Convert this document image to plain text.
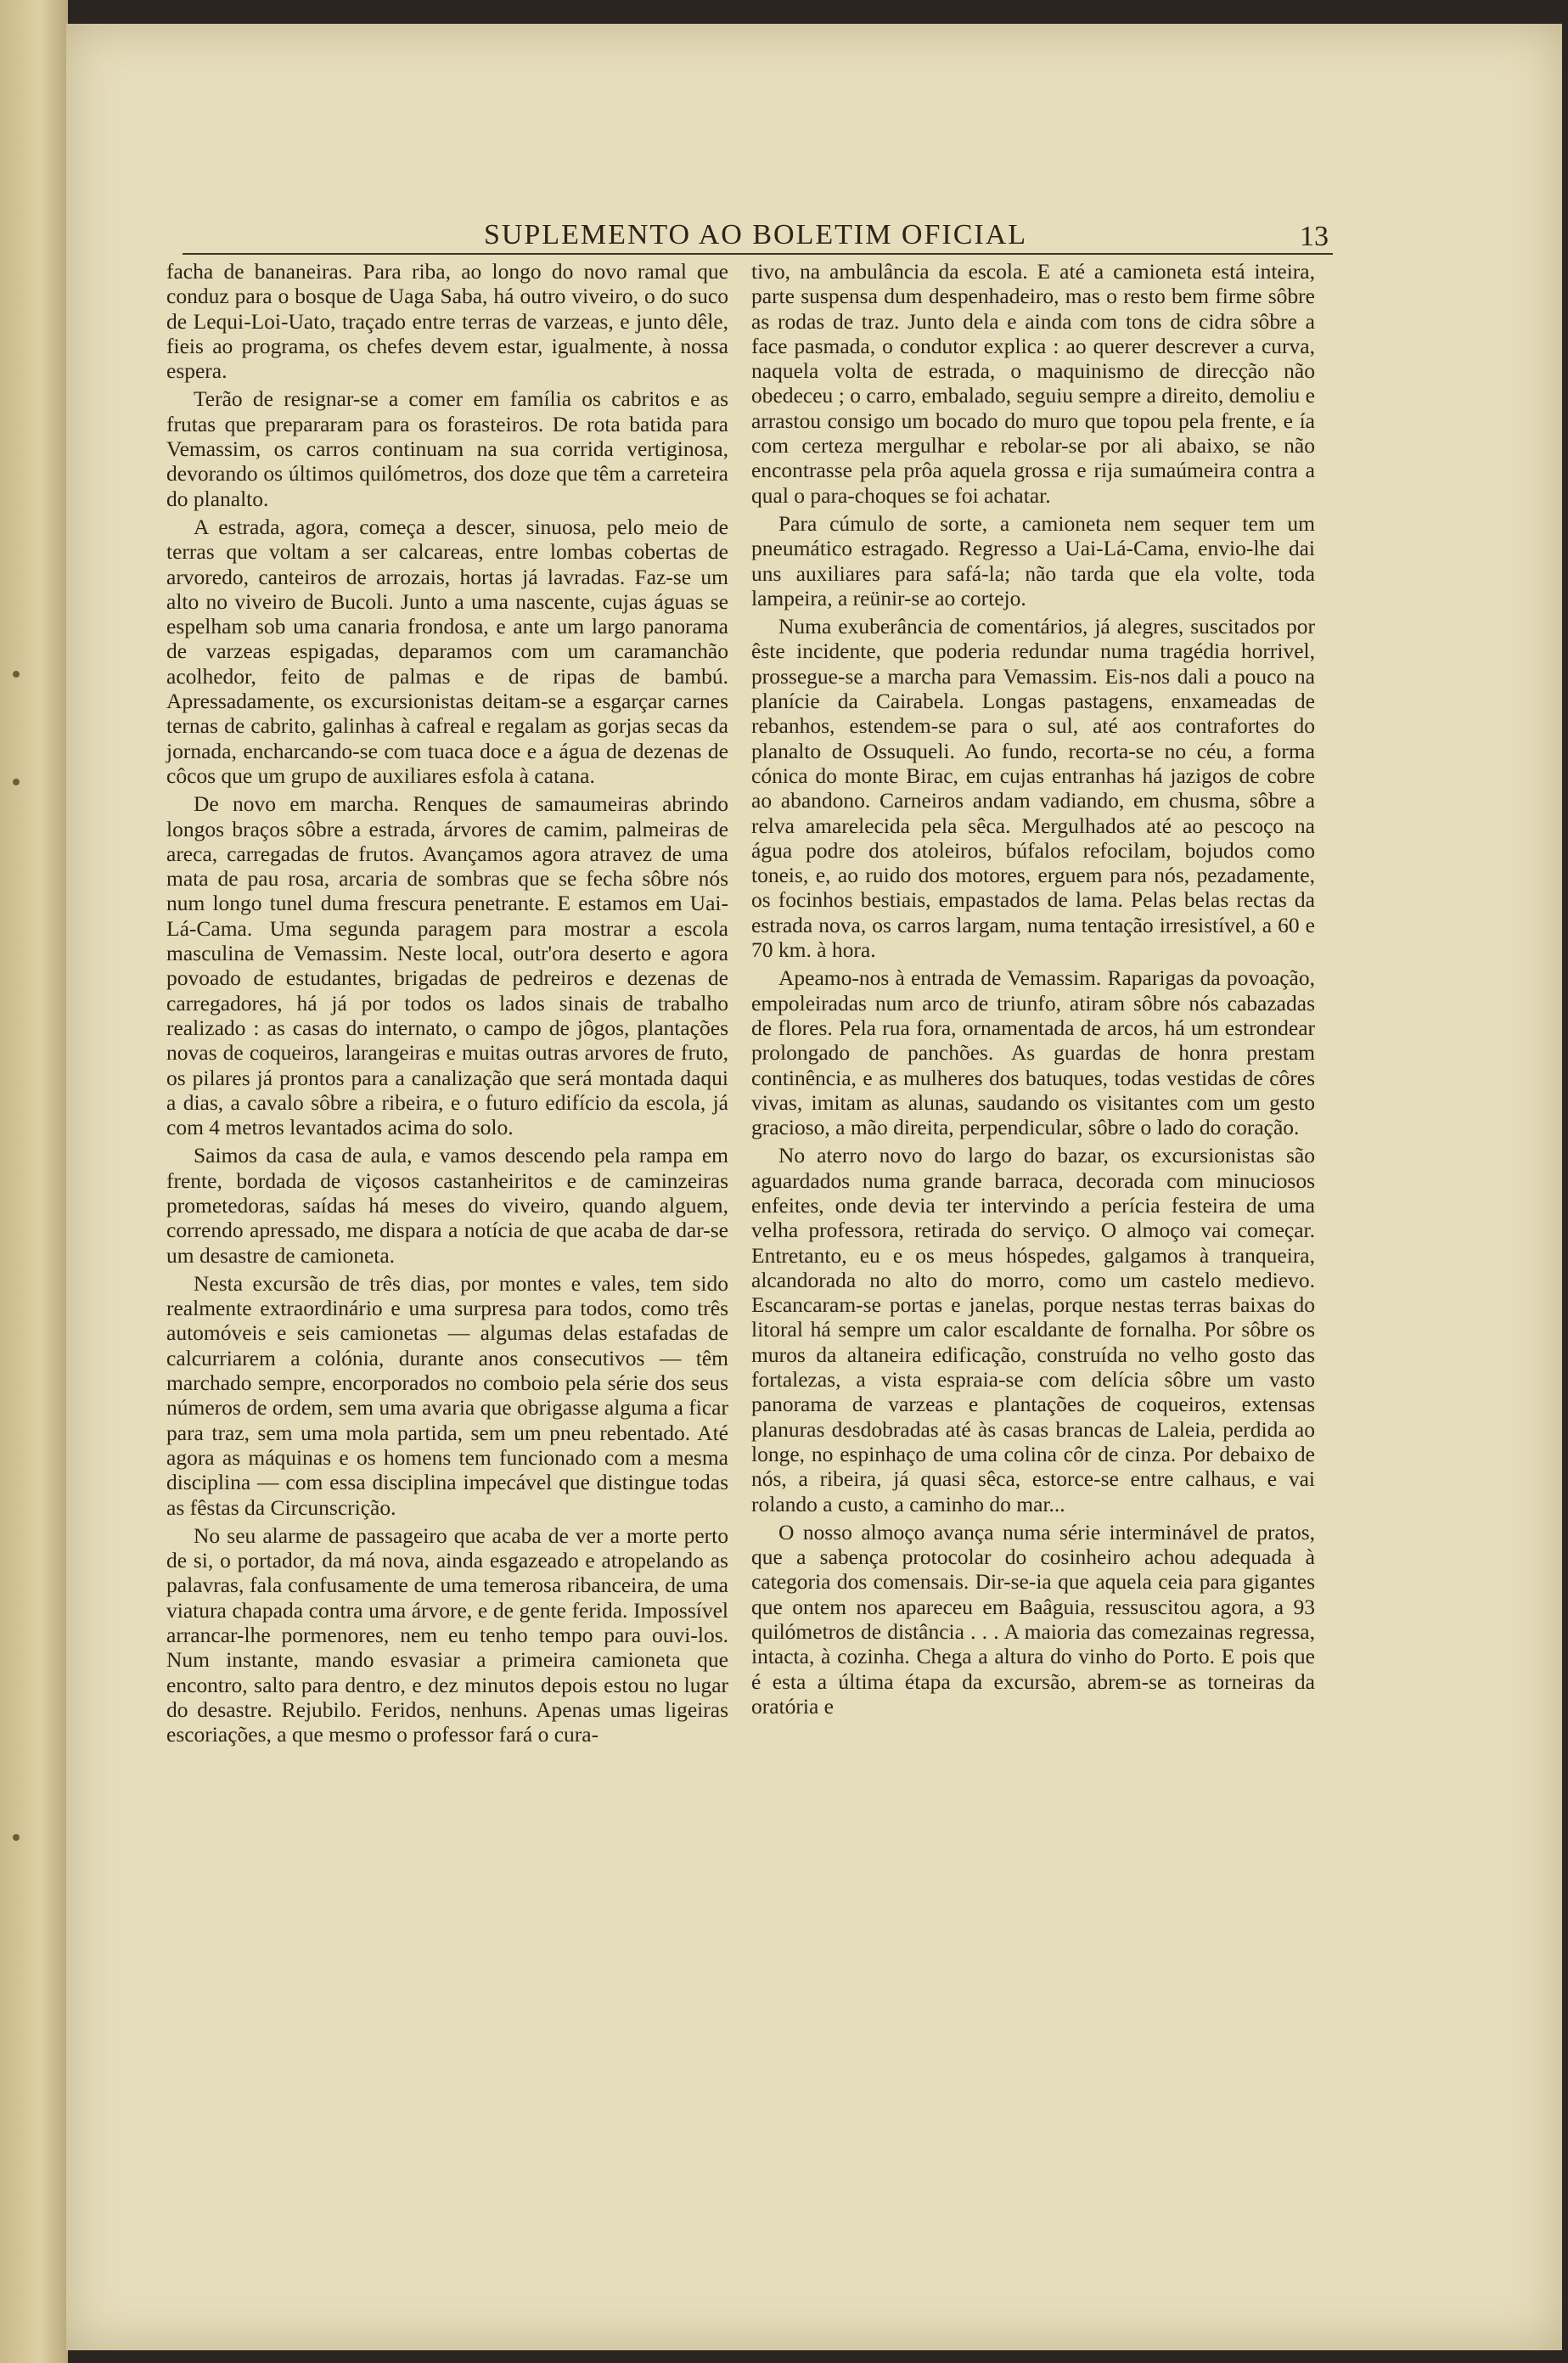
SUPLEMENTO AO BOLETIM OFICIAL	13

facha de bananeiras. Para riba, ao longo do novo ramal que conduz para o bosque de Uaga Saba, há outro viveiro, o do suco de Lequi-Loi-Uato, traçado entre terras de varzeas, e junto dêle, fieis ao programa, os chefes devem estar, igualmente, à nossa espera.

Terão de resignar-se a comer em família os cabritos e as frutas que prepararam para os forasteiros. De rota batida para Vemassim, os carros continuam na sua corrida vertiginosa, devorando os últimos quilómetros, dos doze que têm a carreteira do planalto.

A estrada, agora, começa a descer, sinuosa, pelo meio de terras que voltam a ser calcareas, entre lombas cobertas de arvoredo, canteiros de arrozais, hortas já lavradas. Faz-se um alto no viveiro de Bucoli. Junto a uma nascente, cujas águas se espelham sob uma canaria frondosa, e ante um largo panorama de varzeas espigadas, deparamos com um caramanchão acolhedor, feito de palmas e de ripas de bambú. Apressadamente, os excursionistas deitam-se a esgarçar carnes ternas de cabrito, galinhas à cafreal e regalam as gorjas secas da jornada, encharcando-se com tuaca doce e a água de dezenas de côcos que um grupo de auxiliares esfola à catana.

De novo em marcha. Renques de samaumeiras abrindo longos braços sôbre a estrada, árvores de camim, palmeiras de areca, carregadas de frutos. Avançamos agora atravez de uma mata de pau rosa, arcaria de sombras que se fecha sôbre nós num longo tunel duma frescura penetrante. E estamos em Uai-Lá-Cama. Uma segunda paragem para mostrar a escola masculina de Vemassim. Neste local, outr'ora deserto e agora povoado de estudantes, brigadas de pedreiros e dezenas de carregadores, há já por todos os lados sinais de trabalho realizado : as casas do internato, o campo de jôgos, plantações novas de coqueiros, larangeiras e muitas outras arvores de fruto, os pilares já prontos para a canalização que será montada daqui a dias, a cavalo sôbre a ribeira, e o futuro edifício da escola, já com 4 metros levantados acima do solo.

Saimos da casa de aula, e vamos descendo pela rampa em frente, bordada de viçosos castanheiritos e de caminzeiras prometedoras, saídas há meses do viveiro, quando alguem, correndo apressado, me dispara a notícia de que acaba de dar-se um desastre de camioneta.

Nesta excursão de três dias, por montes e vales, tem sido realmente extraordinário e uma surpresa para todos, como três automóveis e seis camionetas — algumas delas estafadas de calcurriarem a colónia, durante anos consecutivos — têm marchado sempre, encorporados no comboio pela série dos seus números de ordem, sem uma avaria que obrigasse alguma a ficar para traz, sem uma mola partida, sem um pneu rebentado. Até agora as máquinas e os homens tem funcionado com a mesma disciplina — com essa disciplina impecável que distingue todas as fêstas da Circunscrição.

No seu alarme de passageiro que acaba de ver a morte perto de si, o portador, da má nova, ainda esgazeado e atropelando as palavras, fala confusamente de uma temerosa ribanceira, de uma viatura chapada contra uma árvore, e de gente ferida. Impossível arrancar-lhe pormenores, nem eu tenho tempo para ouvi-los. Num instante, mando esvasiar a primeira camioneta que encontro, salto para dentro, e dez minutos depois estou no lugar do desastre. Rejubilo. Feridos, nenhuns. Apenas umas ligeiras escoriações, a que mesmo o professor fará o cura-

tivo, na ambulância da escola. E até a camioneta está inteira, parte suspensa dum despenhadeiro, mas o resto bem firme sôbre as rodas de traz. Junto dela e ainda com tons de cidra sôbre a face pasmada, o condutor explica : ao querer descrever a curva, naquela volta de estrada, o maquinismo de direcção não obedeceu ; o carro, embalado, seguiu sempre a direito, demoliu e arrastou consigo um bocado do muro que topou pela frente, e ía com certeza mergulhar e rebolar-se por ali abaixo, se não encontrasse pela prôa aquela grossa e rija sumaúmeira contra a qual o para-choques se foi achatar.

Para cúmulo de sorte, a camioneta nem sequer tem um pneumático estragado. Regresso a Uai-Lá-Cama, envio-lhe dai uns auxiliares para safá-la; não tarda que ela volte, toda lampeira, a reünir-se ao cortejo.

Numa exuberância de comentários, já alegres, suscitados por êste incidente, que poderia redundar numa tragédia horrivel, prossegue-se a marcha para Vemassim. Eis-nos dali a pouco na planície da Cairabela. Longas pastagens, enxameadas de rebanhos, estendem-se para o sul, até aos contrafortes do planalto de Ossuqueli. Ao fundo, recorta-se no céu, a forma cónica do monte Birac, em cujas entranhas há jazigos de cobre ao abandono. Carneiros andam vadiando, em chusma, sôbre a relva amarelecida pela sêca. Mergulhados até ao pescoço na água podre dos atoleiros, búfalos refocilam, bojudos como toneis, e, ao ruido dos motores, erguem para nós, pezadamente, os focinhos bestiais, empastados de lama. Pelas belas rectas da estrada nova, os carros largam, numa tentação irresistível, a 60 e 70 km. à hora.

Apeamo-nos à entrada de Vemassim. Raparigas da povoação, empoleiradas num arco de triunfo, atiram sôbre nós cabazadas de flores. Pela rua fora, ornamentada de arcos, há um estrondear prolongado de panchões. As guardas de honra prestam continência, e as mulheres dos batuques, todas vestidas de côres vivas, imitam as alunas, saudando os visitantes com um gesto gracioso, a mão direita, perpendicular, sôbre o lado do coração.

No aterro novo do largo do bazar, os excursionistas são aguardados numa grande barraca, decorada com minuciosos enfeites, onde devia ter intervindo a perícia festeira de uma velha professora, retirada do serviço. O almoço vai começar. Entretanto, eu e os meus hóspedes, galgamos à tranqueira, alcandorada no alto do morro, como um castelo medievo. Escancaram-se portas e janelas, porque nestas terras baixas do litoral há sempre um calor escaldante de fornalha. Por sôbre os muros da altaneira edificação, construída no velho gosto das fortalezas, a vista espraia-se com delícia sôbre um vasto panorama de varzeas e plantações de coqueiros, extensas planuras desdobradas até às casas brancas de Laleia, perdida ao longe, no espinhaço de uma colina côr de cinza. Por debaixo de nós, a ribeira, já quasi sêca, estorce-se entre calhaus, e vai rolando a custo, a caminho do mar...

O nosso almoço avança numa série interminável de pratos, que a sabença protocolar do cosinheiro achou adequada à categoria dos comensais. Dir-se-ia que aquela ceia para gigantes que ontem nos apareceu em Baâguia, ressuscitou agora, a 93 quilómetros de distância . . . A maioria das comezainas regressa, intacta, à cozinha. Chega a altura do vinho do Porto. E pois que é esta a última étapa da excursão, abrem-se as torneiras da oratória e
